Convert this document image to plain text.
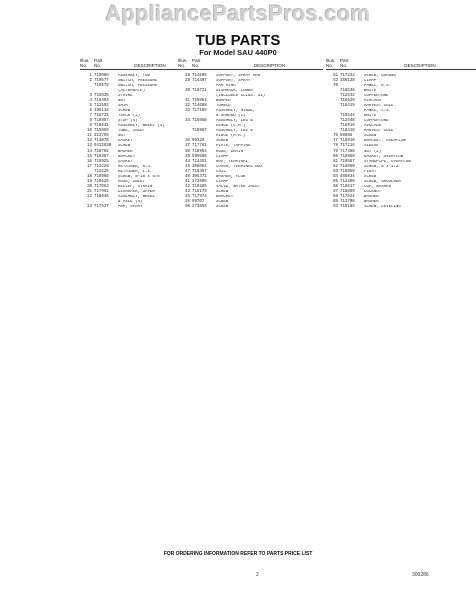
AppliancePartsPros.com
TUB PARTS
For Model SAU 440P0
Illus. Part
No.	No.	DESCRIPTION
1 719060	ASSEMBLY, TUB
2 719577	SWITCH, PRESSURE
719578	SWITCH, PRESSURE
(ALTERNATE)
3 715535	STRIKE
4 719493	NUT
5 712593	SHIM
6 495134	SCREW
7 718725	TRACK (2)
8 718957	STOP (4)
9 718641	ASSEMBLY, WHEEL (4)
10 715959	TUBE, INLET
11 213799	NUT
12 713878	GASKET
13 9412030	SCREW
14 718702	WASHER
15 719387	BRACKET
16 719925	GASKET
17 712226	RETAINER, R.S.
712225	RETAINER, L.S.
18 719966	SCREW, 8-18 x 5/8
19 718626	HOSE, INLET
20 717063	RELIEF, STRAIN
21 717962	DISHRACK, UPPER
22 718046	ASSEMBLY, WHEEL
& AXLE (4)
23 717537	ARM, SPRAY
Illus. Part
No.	No.	DESCRIPTION
28 714695	SUPPORT, SPRAY ARM
29 714407	SUPPORT, SPRAY
ARM RING
30 718721	DISHRACK, LOWER
(INCLUDES ILLUS. 31)
31 719964	BUMPER
32 714698	TUMBLE
33 717199	ASSEMBLY, HINGE,
& SHROUD (2)
34 716988	ASSEMBLY, LEG &
HINGE (L.H.)
716987	ASSEMBLY, LEG &
HINGE (R.H.)
36 99329	SCREW
37 717761	PLATE, TAPPING
38 718954	HOSE, DRAIN
39 596690	CLAMP
44 714451	BOX, TERMINAL
45 306064	COVER, TERMINAL BOX
47 719487	COIL
40 305372	WASHER, FLOW
41 272805	CLAMP
42 719486	VALVE, WATER INLET
43 718179	SCREW
25 717974	BRACKET
26 99707	SCREW
98 273856	SCREW
Illus. Part
No.	No.	DESCRIPTION
61 717232	SCREW, GROUND
63 356138	CLAMP
70	PANEL, R.S.
718538	WHITE
712542	COPPERTONE
718529	AVOCADO
718419	HARVEST GOLD
PANEL, L.S.
718544	WHITE
712548	COPPERTONE
718916	AVOCADO
718418	HARVEST GOLD
76 98086	SCREW
77 719910	BRACKET, OVERFLOW
78 717216	SLEEVE
79 717488	NUT (2)
80 719968	GASKET, OVERFLOW
81 719567	STANDPIPE, OVERFLOW
82 718050	SCREW, 8 x 1/2
83 718050	FLOAT
84 466834	SCREW
85 712490	SCREW, SHOULDER
86 718617	CUP, WASHER
87 718869	LOCKNUT
88 717624	WASHER
89 713708	WASHER
93 719168	SCREW, LEVELING
FOR ORDERING INFORMATION REFER TO PARTS PRICE LIST
2	300286
